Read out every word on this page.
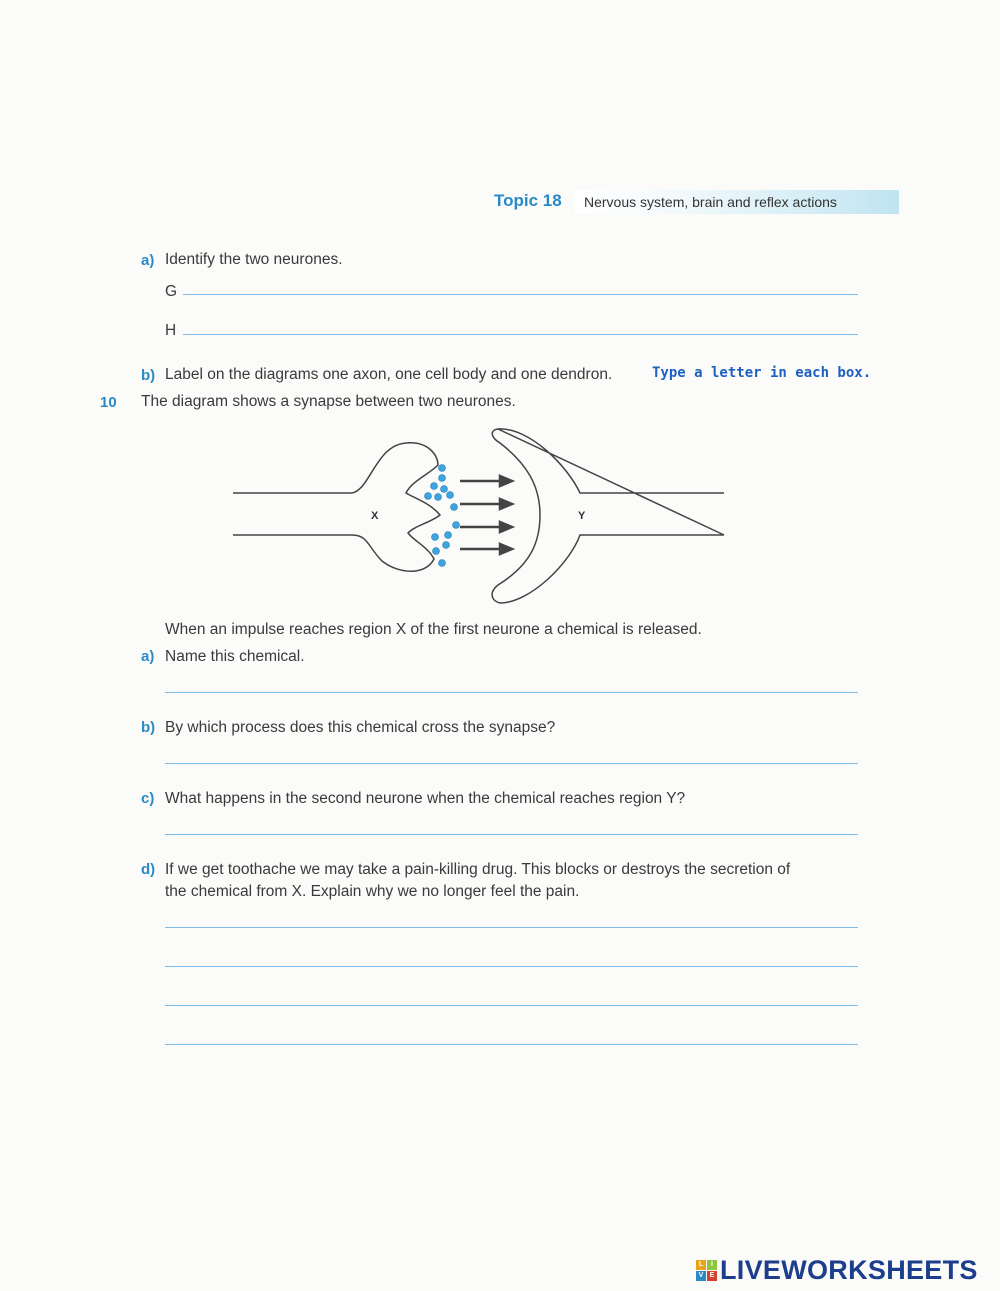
Topic 18 Nervous system, brain and reflex actions
a) Identify the two neurones.
G
H
b) Label on the diagrams one axon, one cell body and one dendron.	Type a letter in each box.
10 The diagram shows a synapse between two neurones.
X	Y
When an impulse reaches region X of the first neurone a chemical is released.
a) Name this chemical.
b) By which process does this chemical cross the synapse?
c) What happens in the second neurone when the chemical reaches region Y?
d) If we get toothache we may take a pain-killing drug. This blocks or destroys the secretion of
the chemical from X. Explain why we no longer feel the pain.
L	I
V E LIVEWORKSHEETS
